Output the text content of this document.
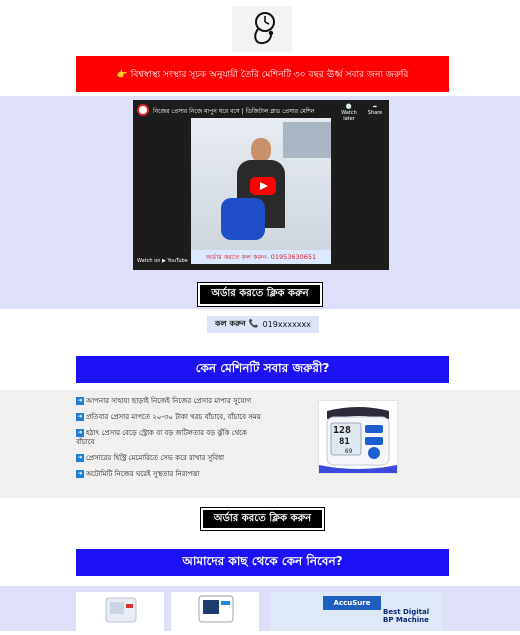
👉 বিশ্বস্বাস্থ্য সংস্থার সূচক অনুযায়ী তৈরি মেশিনটি ৩০ বছর ঊর্ধ্ব সবার জন্য জরুরি
নিজের প্রেসার নিজে মাপুন ঘরে বসে | ডিজিটাল ব্লাড প্রেসার মেশিন
🕒
Watch later
➦
Share
অর্ডার করতে কল করুন- 01953630651
Watch on ▶ YouTube
অর্ডার করতে ক্লিক করুন
কল করুন 📞 019xxxxxxx
কেন মেশিনটি সবার জরুরী?
➜ আপনার সাহায্য ছাড়াই নিজেই নিজের প্রেসার মাপার সুযোগ
➜ প্রতিবার প্রেসার মাপতে ২০-৩০ টাকা খরচ বাঁচাবে, বাঁচাবে সময়
➜ হঠাৎ প্রেসার বেড়ে স্ট্রোক বা বড় জটিলতার বড় ঝুঁকি থেকে বাঁচাবে
➜ প্রেসারের হিস্ট্রি মেমোরিতে সেভ করে রাখার সুবিধা
➜ অটোমিটি নিজের ঘরেই সুস্থতার নিরাপত্তা
128
81
69
অর্ডার করতে ক্লিক করুন
আমাদের কাছ থেকে কেন নিবেন?
AccuSure
Best Digital BP Machine
